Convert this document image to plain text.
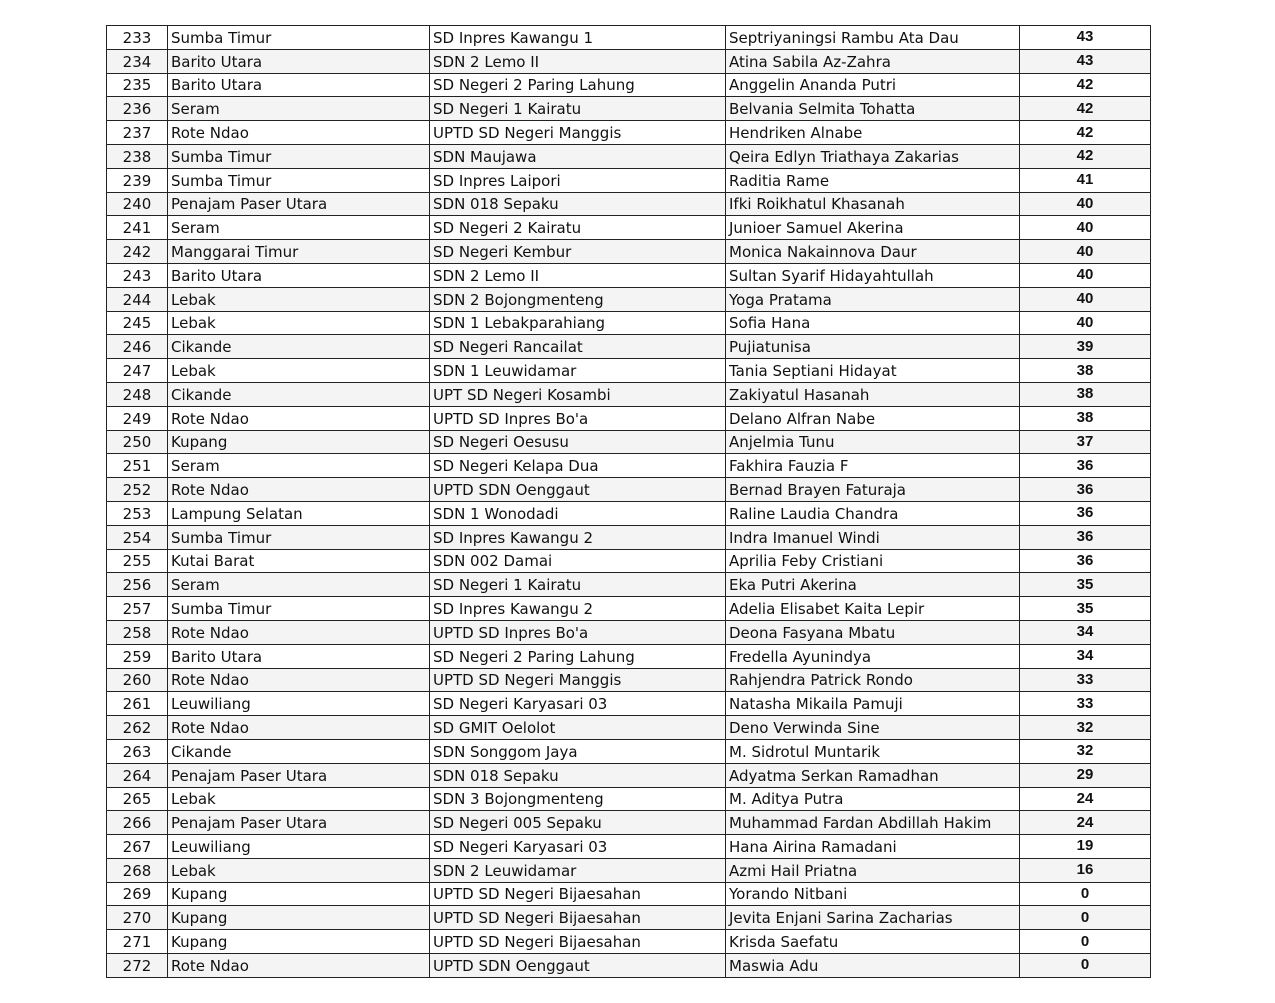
233	Sumba Timur	SD Inpres Kawangu 1	Septriyaningsi Rambu Ata Dau	43
234	Barito Utara	SDN 2 Lemo II	Atina Sabila Az-Zahra	43
235	Barito Utara	SD Negeri 2 Paring Lahung	Anggelin Ananda Putri	42
236	Seram	SD Negeri 1 Kairatu	Belvania Selmita Tohatta	42
237	Rote Ndao	UPTD SD Negeri Manggis	Hendriken Alnabe	42
238	Sumba Timur	SDN Maujawa	Qeira Edlyn Triathaya Zakarias	42
239	Sumba Timur	SD Inpres Laipori	Raditia Rame	41
240	Penajam Paser Utara	SDN 018 Sepaku	Ifki Roikhatul Khasanah	40
241	Seram	SD Negeri 2 Kairatu	Junioer Samuel Akerina	40
242	Manggarai Timur	SD Negeri Kembur	Monica Nakainnova Daur	40
243	Barito Utara	SDN 2 Lemo II	Sultan Syarif Hidayahtullah	40
244	Lebak	SDN 2 Bojongmenteng	Yoga Pratama	40
245	Lebak	SDN 1 Lebakparahiang	Sofia Hana	40
246	Cikande	SD Negeri Rancailat	Pujiatunisa	39
247	Lebak	SDN 1 Leuwidamar	Tania Septiani Hidayat	38
248	Cikande	UPT SD Negeri Kosambi	Zakiyatul Hasanah	38
249	Rote Ndao	UPTD SD Inpres Bo'a	Delano Alfran Nabe	38
250	Kupang	SD Negeri Oesusu	Anjelmia Tunu	37
251	Seram	SD Negeri Kelapa Dua	Fakhira Fauzia F	36
252	Rote Ndao	UPTD SDN Oenggaut	Bernad Brayen Faturaja	36
253	Lampung Selatan	SDN 1 Wonodadi	Raline Laudia Chandra	36
254	Sumba Timur	SD Inpres Kawangu 2	Indra Imanuel Windi	36
255	Kutai Barat	SDN 002 Damai	Aprilia Feby Cristiani	36
256	Seram	SD Negeri 1 Kairatu	Eka Putri Akerina	35
257	Sumba Timur	SD Inpres Kawangu 2	Adelia Elisabet Kaita Lepir	35
258	Rote Ndao	UPTD SD Inpres Bo'a	Deona Fasyana Mbatu	34
259	Barito Utara	SD Negeri 2 Paring Lahung	Fredella Ayunindya	34
260	Rote Ndao	UPTD SD Negeri Manggis	Rahjendra Patrick Rondo	33
261	Leuwiliang	SD Negeri Karyasari 03	Natasha Mikaila Pamuji	33
262	Rote Ndao	SD GMIT Oelolot	Deno Verwinda Sine	32
263	Cikande	SDN Songgom Jaya	M. Sidrotul Muntarik	32
264	Penajam Paser Utara	SDN 018 Sepaku	Adyatma Serkan Ramadhan	29
265	Lebak	SDN 3 Bojongmenteng	M. Aditya Putra	24
266	Penajam Paser Utara	SD Negeri 005 Sepaku	Muhammad Fardan Abdillah Hakim	24
267	Leuwiliang	SD Negeri Karyasari 03	Hana Airina Ramadani	19
268	Lebak	SDN 2 Leuwidamar	Azmi Hail Priatna	16
269	Kupang	UPTD SD Negeri Bijaesahan	Yorando Nitbani	0
270	Kupang	UPTD SD Negeri Bijaesahan	Jevita Enjani Sarina Zacharias	0
271	Kupang	UPTD SD Negeri Bijaesahan	Krisda Saefatu	0
272	Rote Ndao	UPTD SDN Oenggaut	Maswia Adu	0
